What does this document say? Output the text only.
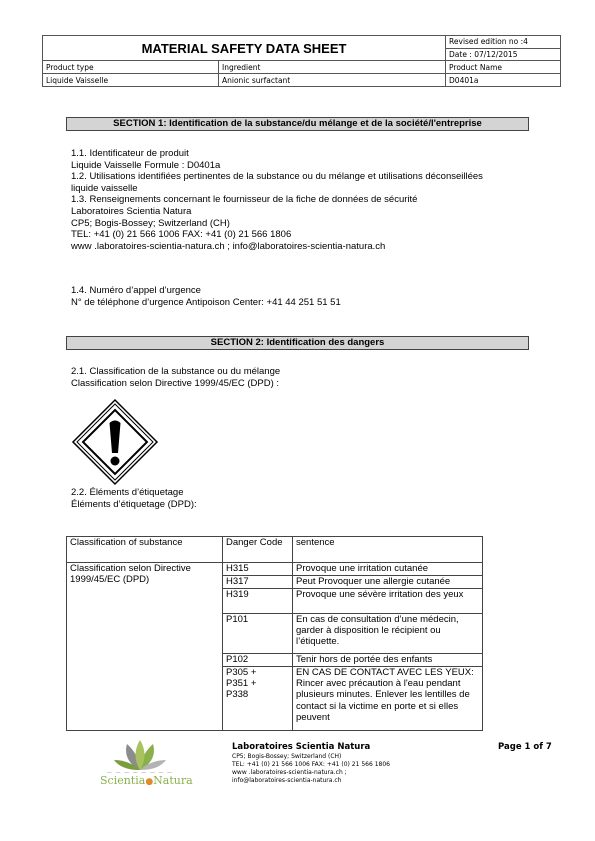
MATERIAL SAFETY DATA SHEET		Revised edition no :4
		Date : 07/12/2015
Product type	Ingredient	Product Name
Liquide Vaisselle	Anionic surfactant	D0401a
SECTION 1: Identification de la substance/du mélange et de la société/l'entreprise
1.1. Identificateur de produit
Liquide Vaisselle Formule : D0401a
1.2. Utilisations identifiées pertinentes de la substance ou du mélange et utilisations déconseillées
liquide vaisselle
1.3. Renseignements concernant le fournisseur de la fiche de données de sécurité
Laboratoires Scientia Natura
CP5; Bogis-Bossey; Switzerland (CH)
TEL: +41 (0) 21 566 1006 FAX: +41 (0) 21 566 1806
www .laboratoires-scientia-natura.ch ; info@laboratoires-scientia-natura.ch
1.4. Numéro d’appel d’urgence
N° de téléphone d’urgence Antipoison Center: +41 44 251 51 51
SECTION 2: Identification des dangers
2.1. Classification de la substance ou du mélange
Classification selon Directive 1999/45/EC (DPD) :
2.2. Éléments d’étiquetage
Éléments d’étiquetage (DPD):
Classification of substance	Danger Code	sentence
Classification selon Directive 1999/45/EC (DPD)	H315	Provoque une irritation cutanée
	H317	Peut Provoquer une allergie cutanée
	H319	Provoque une sévère irritation des yeux
	P101	En cas de consultation d’une médecin, garder à disposition le récipient ou l’étiquette.
	P102	Tenir hors de portée des enfants

	P305 + P351 + P338	EN CAS DE CONTACT AVEC LES YEUX: Rincer avec précaution à l'eau pendant plusieurs minutes. Enlever les lentilles de contact si la victime en porte et si elles peuvent
— — — — — — — —
Scientia●Natura
Laboratoires Scientia Natura
CP5; Bogis-Bossey; Switzerland (CH)
TEL: +41 (0) 21 566 1006 FAX: +41 (0) 21 566 1806
www .laboratoires-scientia-natura.ch ;
info@laboratoires-scientia-natura.ch
Page 1 of 7
